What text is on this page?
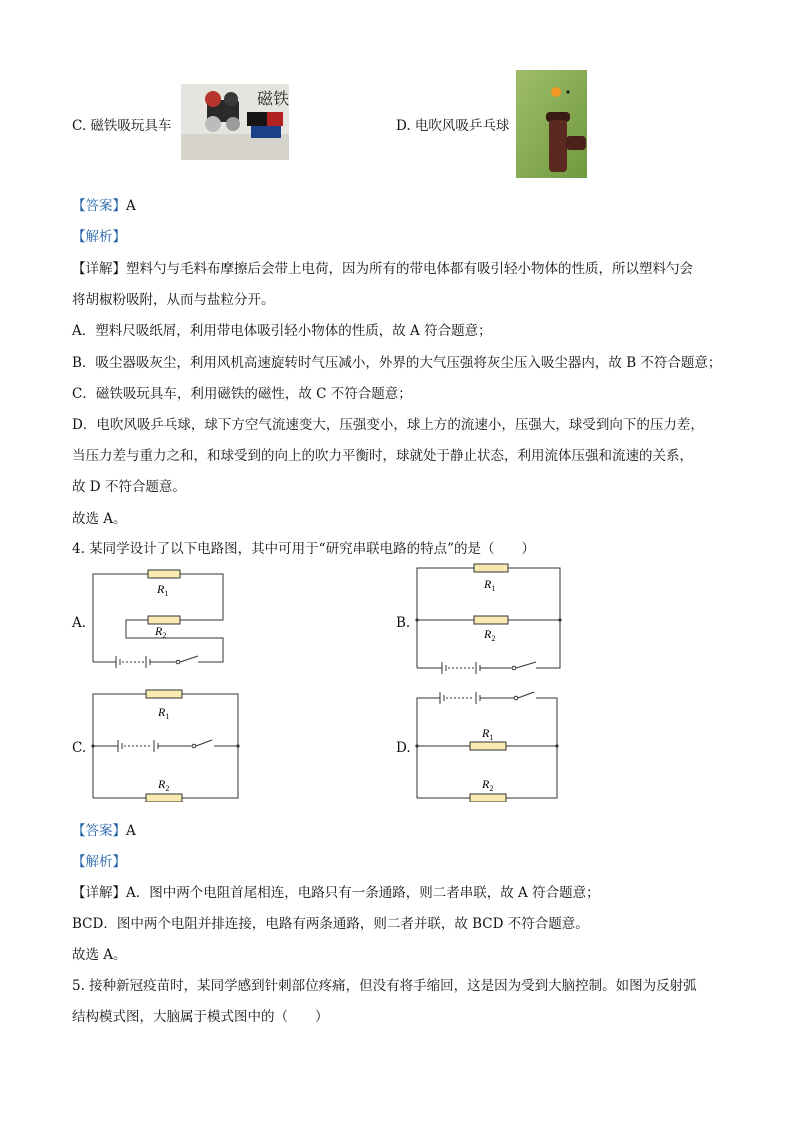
C. 磁铁吸玩具车
磁铁
D. 电吹风吸乒乓球
【答案】A
【解析】
【详解】塑料勺与毛料布摩擦后会带上电荷，因为所有的带电体都有吸引轻小物体的性质，所以塑料勺会
将胡椒粉吸附，从而与盐粒分开。
A．塑料尺吸纸屑，利用带电体吸引轻小物体的性质，故 A 符合题意；
B．吸尘器吸灰尘，利用风机高速旋转时气压减小，外界的大气压强将灰尘压入吸尘器内，故 B 不符合题意；
C．磁铁吸玩具车，利用磁铁的磁性，故 C 不符合题意；
D．电吹风吸乒乓球，球下方空气流速变大，压强变小，球上方的流速小，压强大，球受到向下的压力差，
当压力差与重力之和，和球受到的向上的吹力平衡时，球就处于静止状态，利用流体压强和流速的关系，
故 D 不符合题意。
故选 A。
4. 某同学设计了以下电路图，其中可用于“研究串联电路的特点”的是（　　）
A.
$R_1$
$R_2$
B.
$R_1$
$R_2$
C.
$R_1$
$R_2$
D.
$R_1$
$R_2$
【答案】A
【解析】
【详解】A．图中两个电阻首尾相连，电路只有一条通路，则二者串联，故 A 符合题意；
BCD．图中两个电阻并排连接，电路有两条通路，则二者并联，故 BCD 不符合题意。
故选 A。
5. 接种新冠疫苗时，某同学感到针刺部位疼痛，但没有将手缩回，这是因为受到大脑控制。如图为反射弧
结构模式图，大脑属于模式图中的（　　）
